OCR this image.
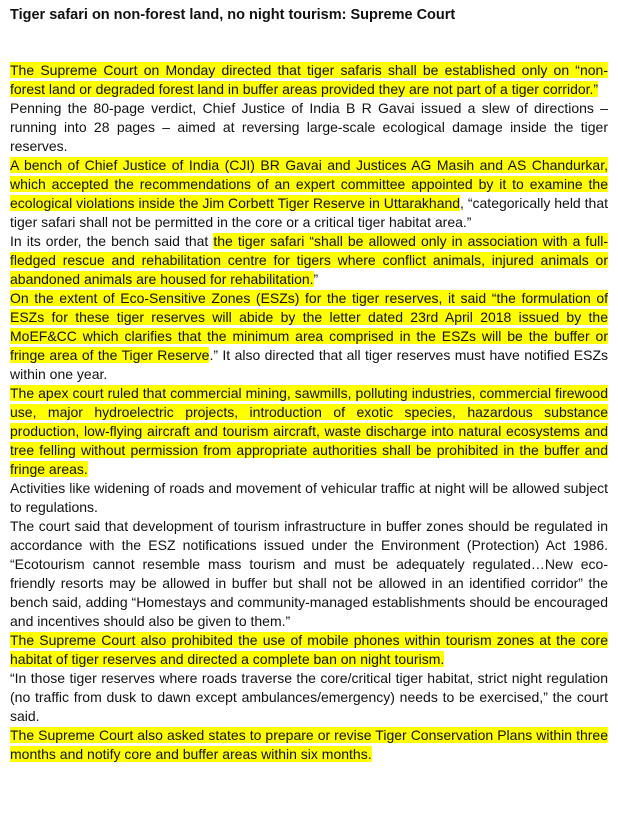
Tiger safari on non-forest land, no night tourism: Supreme Court

The Supreme Court on Monday directed that tiger safaris shall be established only on “non-forest land or degraded forest land in buffer areas provided they are not part of a tiger corridor.”

Penning the 80-page verdict, Chief Justice of India B R Gavai issued a slew of directions – running into 28 pages – aimed at reversing large-scale ecological damage inside the tiger reserves.

A bench of Chief Justice of India (CJI) BR Gavai and Justices AG Masih and AS Chandurkar, which accepted the recommendations of an expert committee appointed by it to examine the ecological violations inside the Jim Corbett Tiger Reserve in Uttarakhand, “categorically held that tiger safari shall not be permitted in the core or a critical tiger habitat area.”

In its order, the bench said that the tiger safari “shall be allowed only in association with a full-fledged rescue and rehabilitation centre for tigers where conflict animals, injured animals or abandoned animals are housed for rehabilitation.”

On the extent of Eco-Sensitive Zones (ESZs) for the tiger reserves, it said “the formulation of ESZs for these tiger reserves will abide by the letter dated 23rd April 2018 issued by the MoEF&CC which clarifies that the minimum area comprised in the ESZs will be the buffer or fringe area of the Tiger Reserve.” It also directed that all tiger reserves must have notified ESZs within one year.

The apex court ruled that commercial mining, sawmills, polluting industries, commercial firewood use, major hydroelectric projects, introduction of exotic species, hazardous substance production, low-flying aircraft and tourism aircraft, waste discharge into natural ecosystems and tree felling without permission from appropriate authorities shall be prohibited in the buffer and fringe areas.

Activities like widening of roads and movement of vehicular traffic at night will be allowed subject to regulations.

The court said that development of tourism infrastructure in buffer zones should be regulated in accordance with the ESZ notifications issued under the Environment (Protection) Act 1986. “Ecotourism cannot resemble mass tourism and must be adequately regulated…New eco-friendly resorts may be allowed in buffer but shall not be allowed in an identified corridor” the bench said, adding “Homestays and community-managed establishments should be encouraged and incentives should also be given to them.”

The Supreme Court also prohibited the use of mobile phones within tourism zones at the core habitat of tiger reserves and directed a complete ban on night tourism.

“In those tiger reserves where roads traverse the core/critical tiger habitat, strict night regulation (no traffic from dusk to dawn except ambulances/emergency) needs to be exercised,” the court said.

The Supreme Court also asked states to prepare or revise Tiger Conservation Plans within three months and notify core and buffer areas within six months.
